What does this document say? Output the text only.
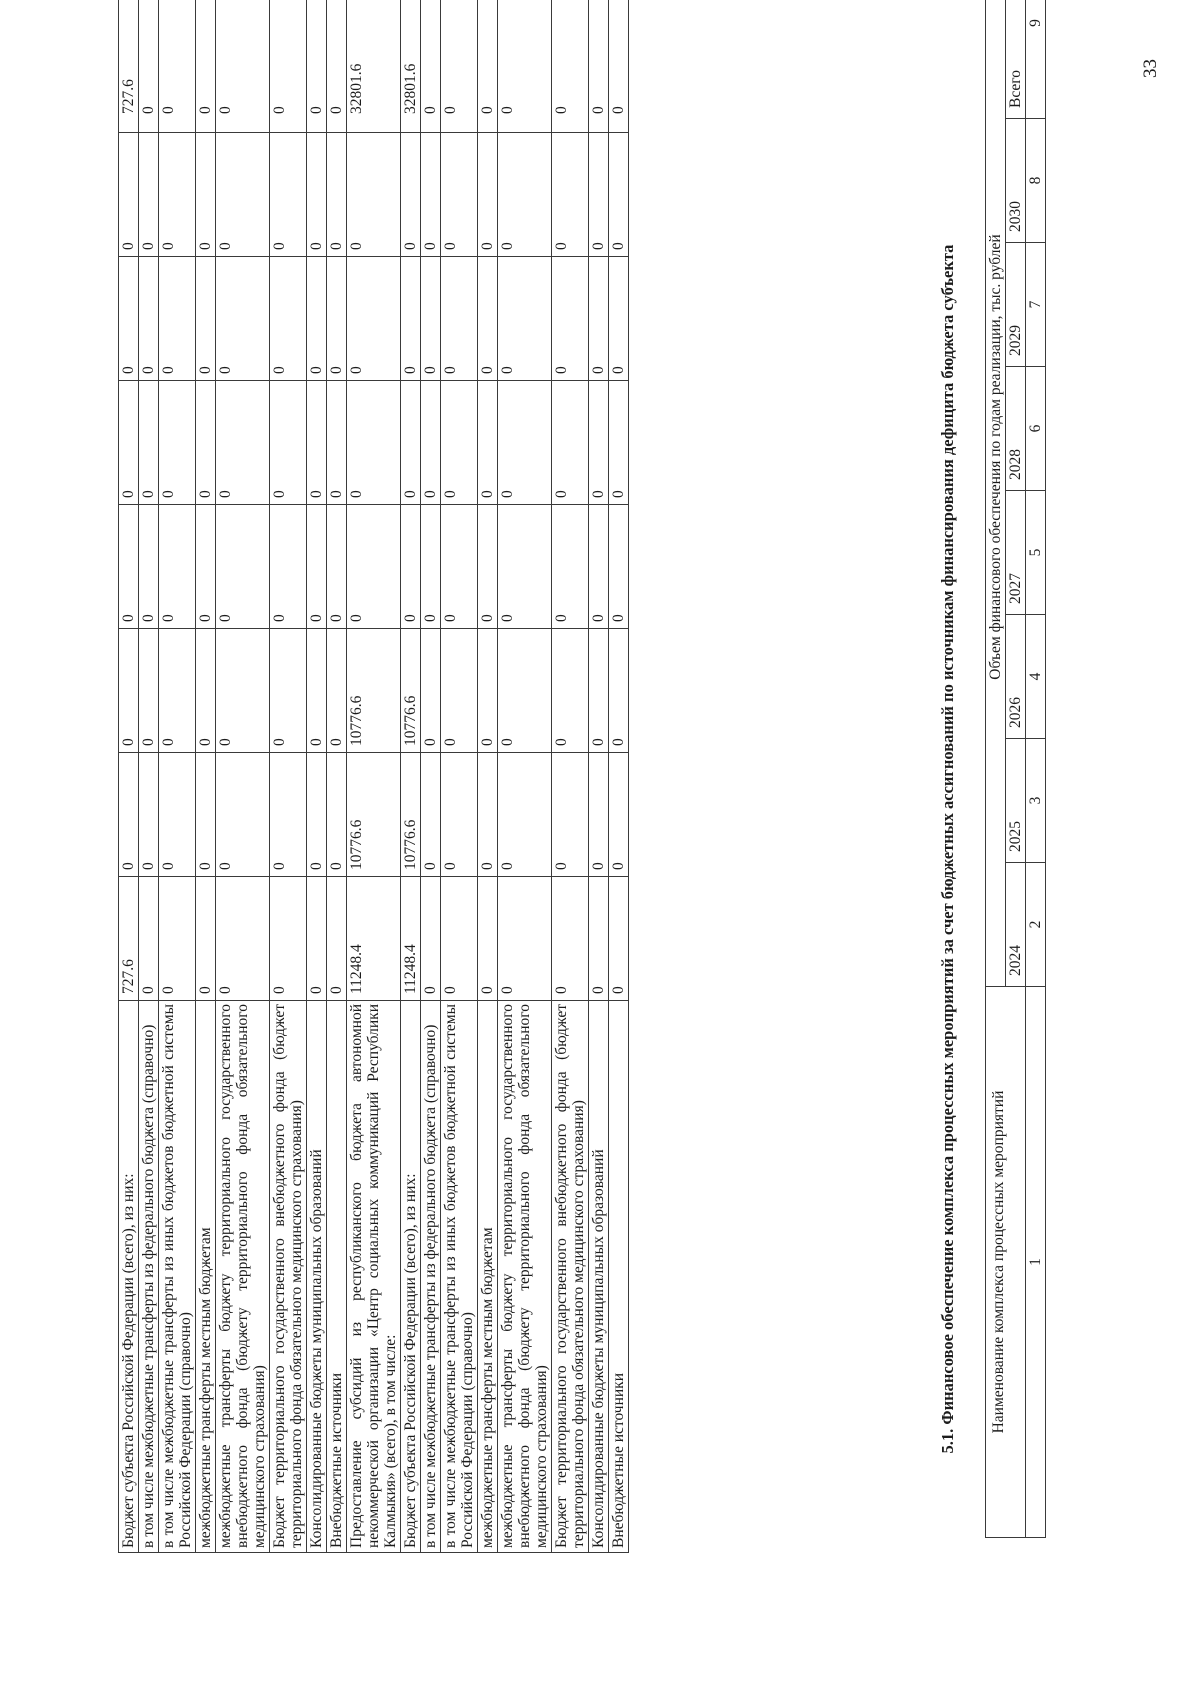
Бюджет субъекта Российской Федерации (всего), из них:	727.6	0	0	0	0	0	0	727.6
в том числе межбюджетные трансферты из федерального бюджета (справочно)	0	0	0	0	0	0	0	0
в том числе межбюджетные трансферты из иных бюджетов бюджетной системы Российской Федерации (справочно)	0	0	0	0	0	0	0	0
межбюджетные трансферты местным бюджетам	0	0	0	0	0	0	0	0
межбюджетные трансферты бюджету территориального государственного внебюджетного фонда (бюджету территориального фонда обязательного медицинского страхования)	0	0	0	0	0	0	0	0
Бюджет территориального государственного внебюджетного фонда (бюджет территориального фонда обязательного медицинского страхования)	0	0	0	0	0	0	0	0
Консолидированные бюджеты муниципальных образований	0	0	0	0	0	0	0	0
Внебюджетные источники	0	0	0	0	0	0	0	0
Предоставление субсидий из республиканского бюджета автономной некоммерческой организации «Центр социальных коммуникаций Республики Калмыкия» (всего), в том числе:	11248.4	10776.6	10776.6	0	0	0	0	32801.6
Бюджет субъекта Российской Федерации (всего), из них:	11248.4	10776.6	10776.6	0	0	0	0	32801.6
в том числе межбюджетные трансферты из федерального бюджета (справочно)	0	0	0	0	0	0	0	0
в том числе межбюджетные трансферты из иных бюджетов бюджетной системы Российской Федерации (справочно)	0	0	0	0	0	0	0	0
межбюджетные трансферты местным бюджетам	0	0	0	0	0	0	0	0
межбюджетные трансферты бюджету территориального государственного внебюджетного фонда (бюджету территориального фонда обязательного медицинского страхования)	0	0	0	0	0	0	0	0
Бюджет территориального государственного внебюджетного фонда (бюджет территориального фонда обязательного медицинского страхования)	0	0	0	0	0	0	0	0
Консолидированные бюджеты муниципальных образований	0	0	0	0	0	0	0	0
Внебюджетные источники	0	0	0	0	0	0	0	0
5.1. Финансовое обеспечение комплекса процессных мероприятий за счет бюджетных ассигнований по источникам финансирования дефицита бюджета субъекта Наименование комплекса процессных мероприятий	Объем финансового обеспечения по годам реализации, тыс. рублей							
	2024	2025	2026	2027	2028	2029	2030	Всего
1	2	3	4	5	6	7	8	9
33
